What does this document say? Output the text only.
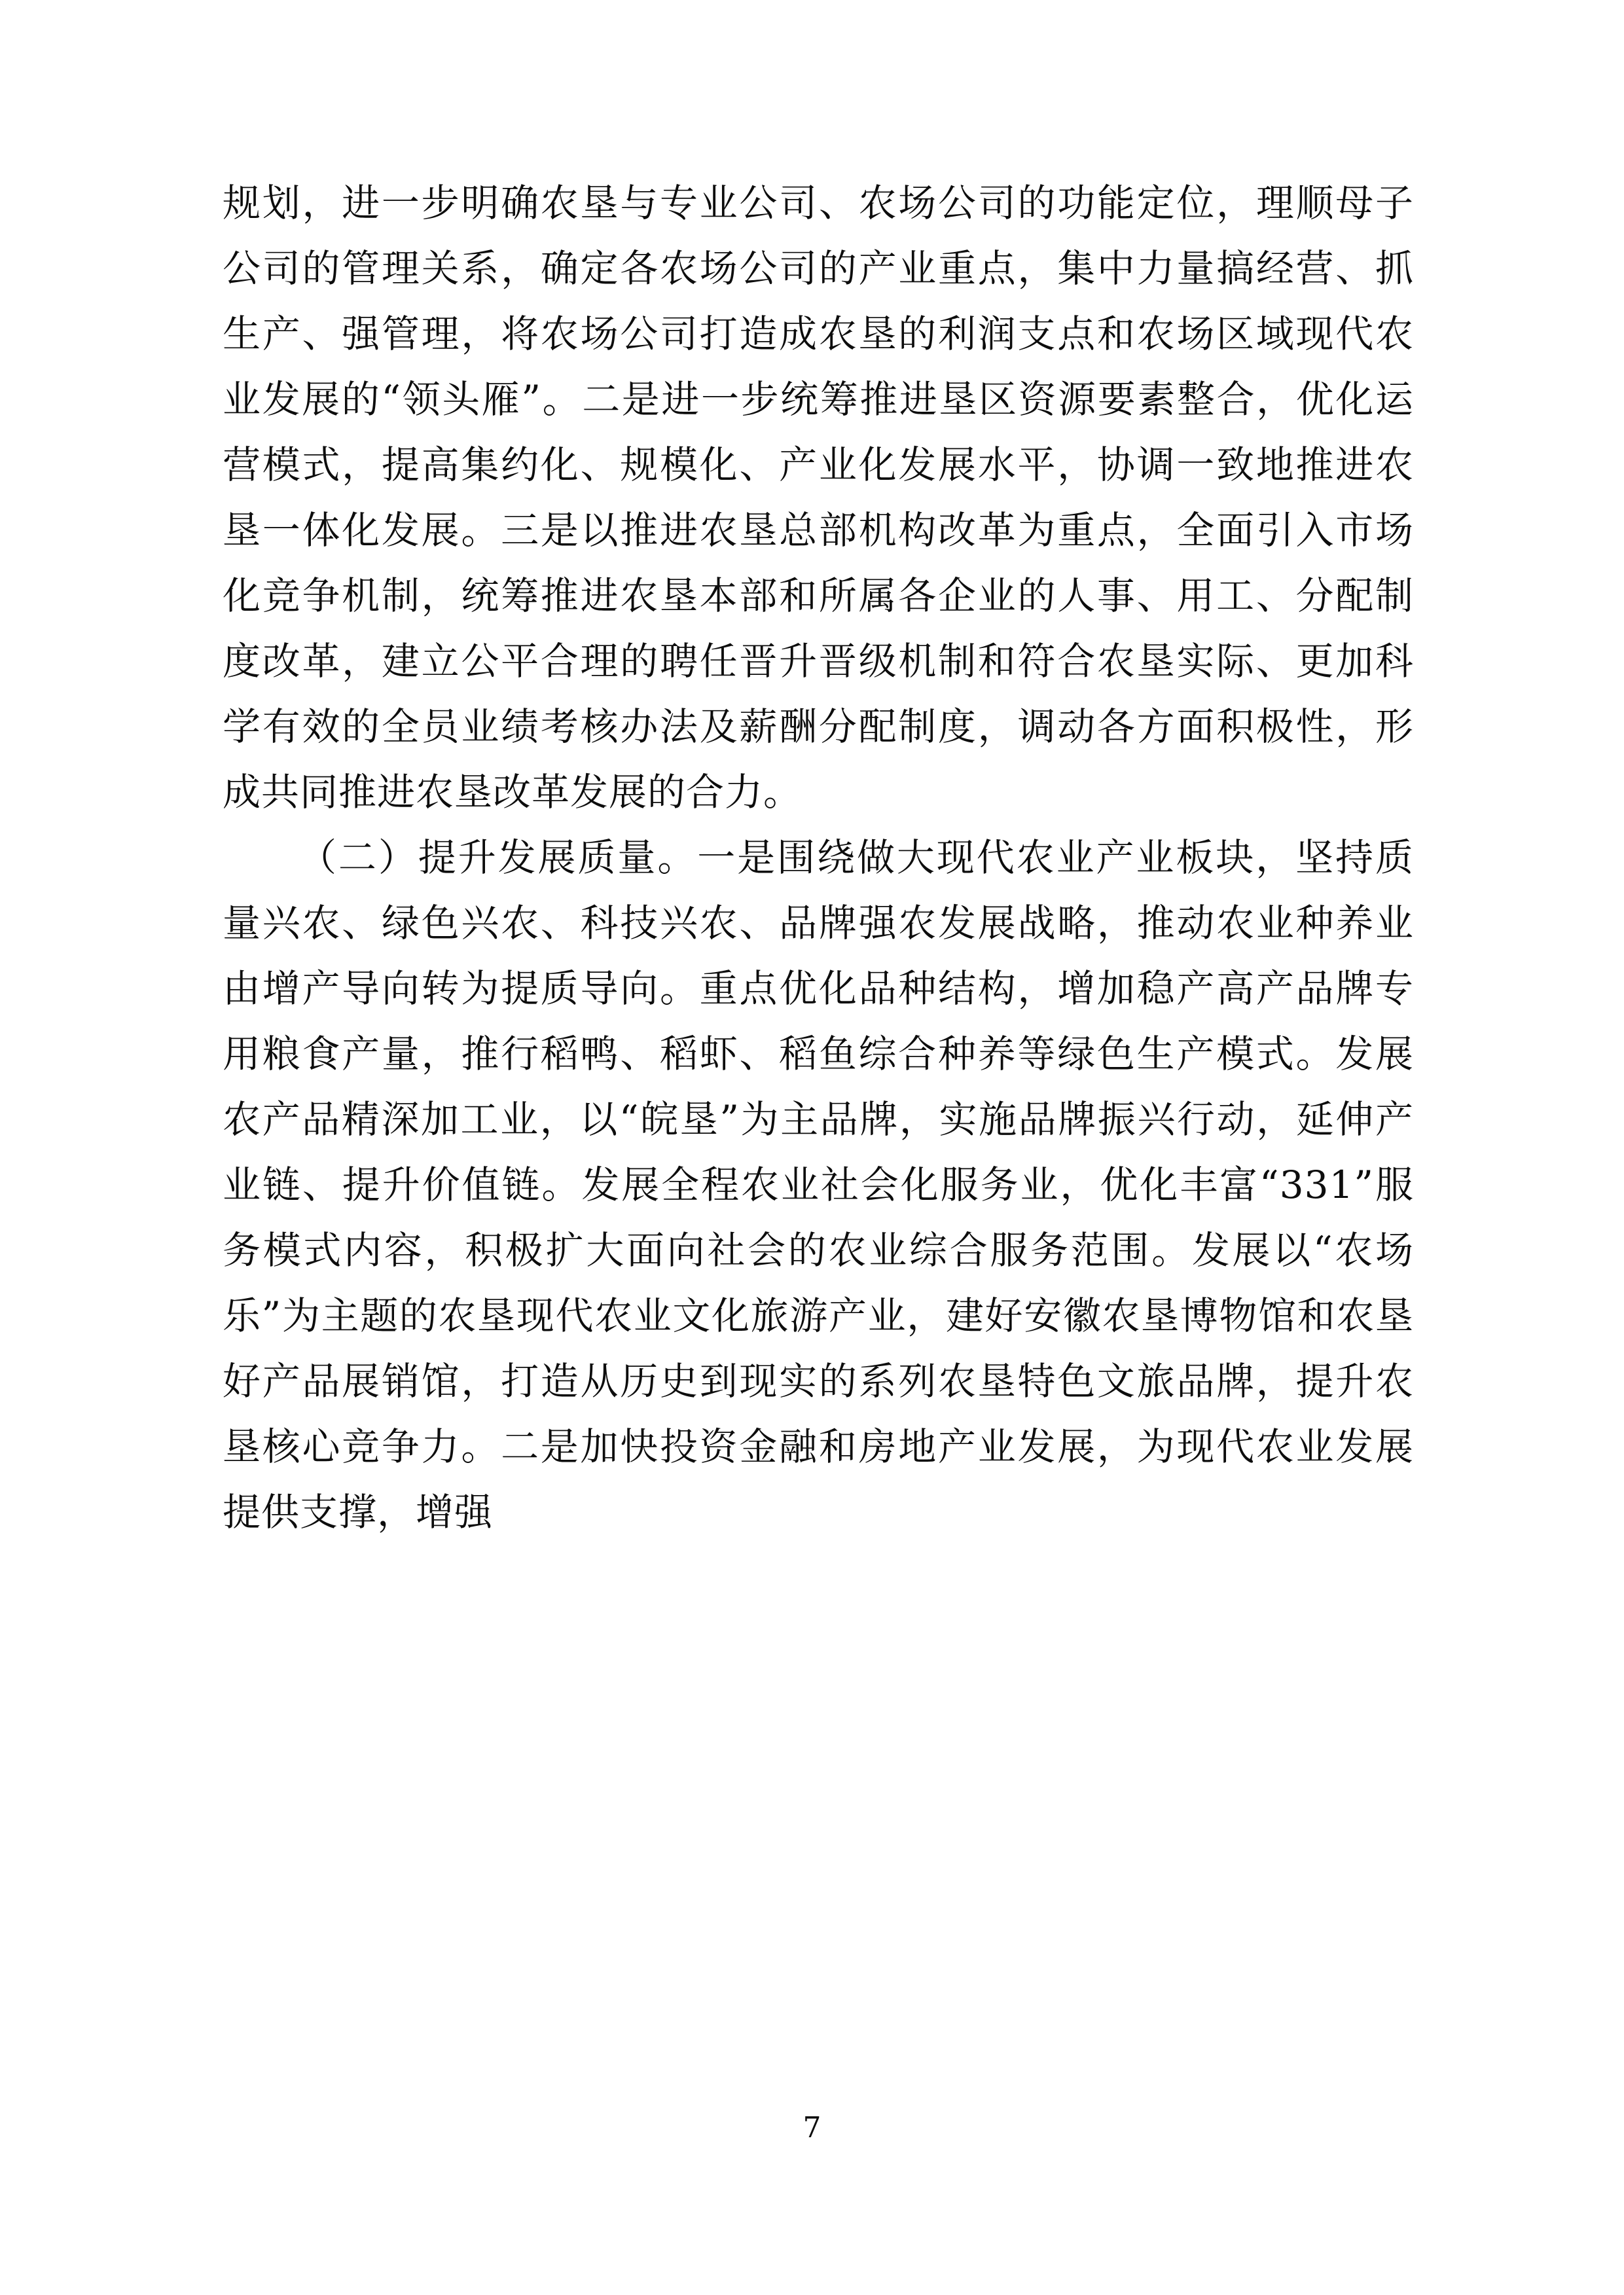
规划，进一步明确农垦与专业公司、农场公司的功能定位，理顺母子公司的管理关系，确定各农场公司的产业重点，集中力量搞经营、抓生产、强管理，将农场公司打造成农垦的利润支点和农场区域现代农业发展的“领头雁”。二是进一步统筹推进垦区资源要素整合，优化运营模式，提高集约化、规模化、产业化发展水平，协调一致地推进农垦一体化发展。三是以推进农垦总部机构改革为重点，全面引入市场化竞争机制，统筹推进农垦本部和所属各企业的人事、用工、分配制度改革，建立公平合理的聘任晋升晋级机制和符合农垦实际、更加科学有效的全员业绩考核办法及薪酬分配制度，调动各方面积极性，形成共同推进农垦改革发展的合力。

（二）提升发展质量。一是围绕做大现代农业产业板块，坚持质量兴农、绿色兴农、科技兴农、品牌强农发展战略，推动农业种养业由增产导向转为提质导向。重点优化品种结构，增加稳产高产品牌专用粮食产量，推行稻鸭、稻虾、稻鱼综合种养等绿色生产模式。发展农产品精深加工业，以“皖垦”为主品牌，实施品牌振兴行动，延伸产业链、提升价值链。发展全程农业社会化服务业，优化丰富“331”服务模式内容，积极扩大面向社会的农业综合服务范围。发展以“农场乐”为主题的农垦现代农业文化旅游产业，建好安徽农垦博物馆和农垦好产品展销馆，打造从历史到现实的系列农垦特色文旅品牌，提升农垦核心竞争力。二是加快投资金融和房地产业发展，为现代农业发展提供支撑，增强

7
